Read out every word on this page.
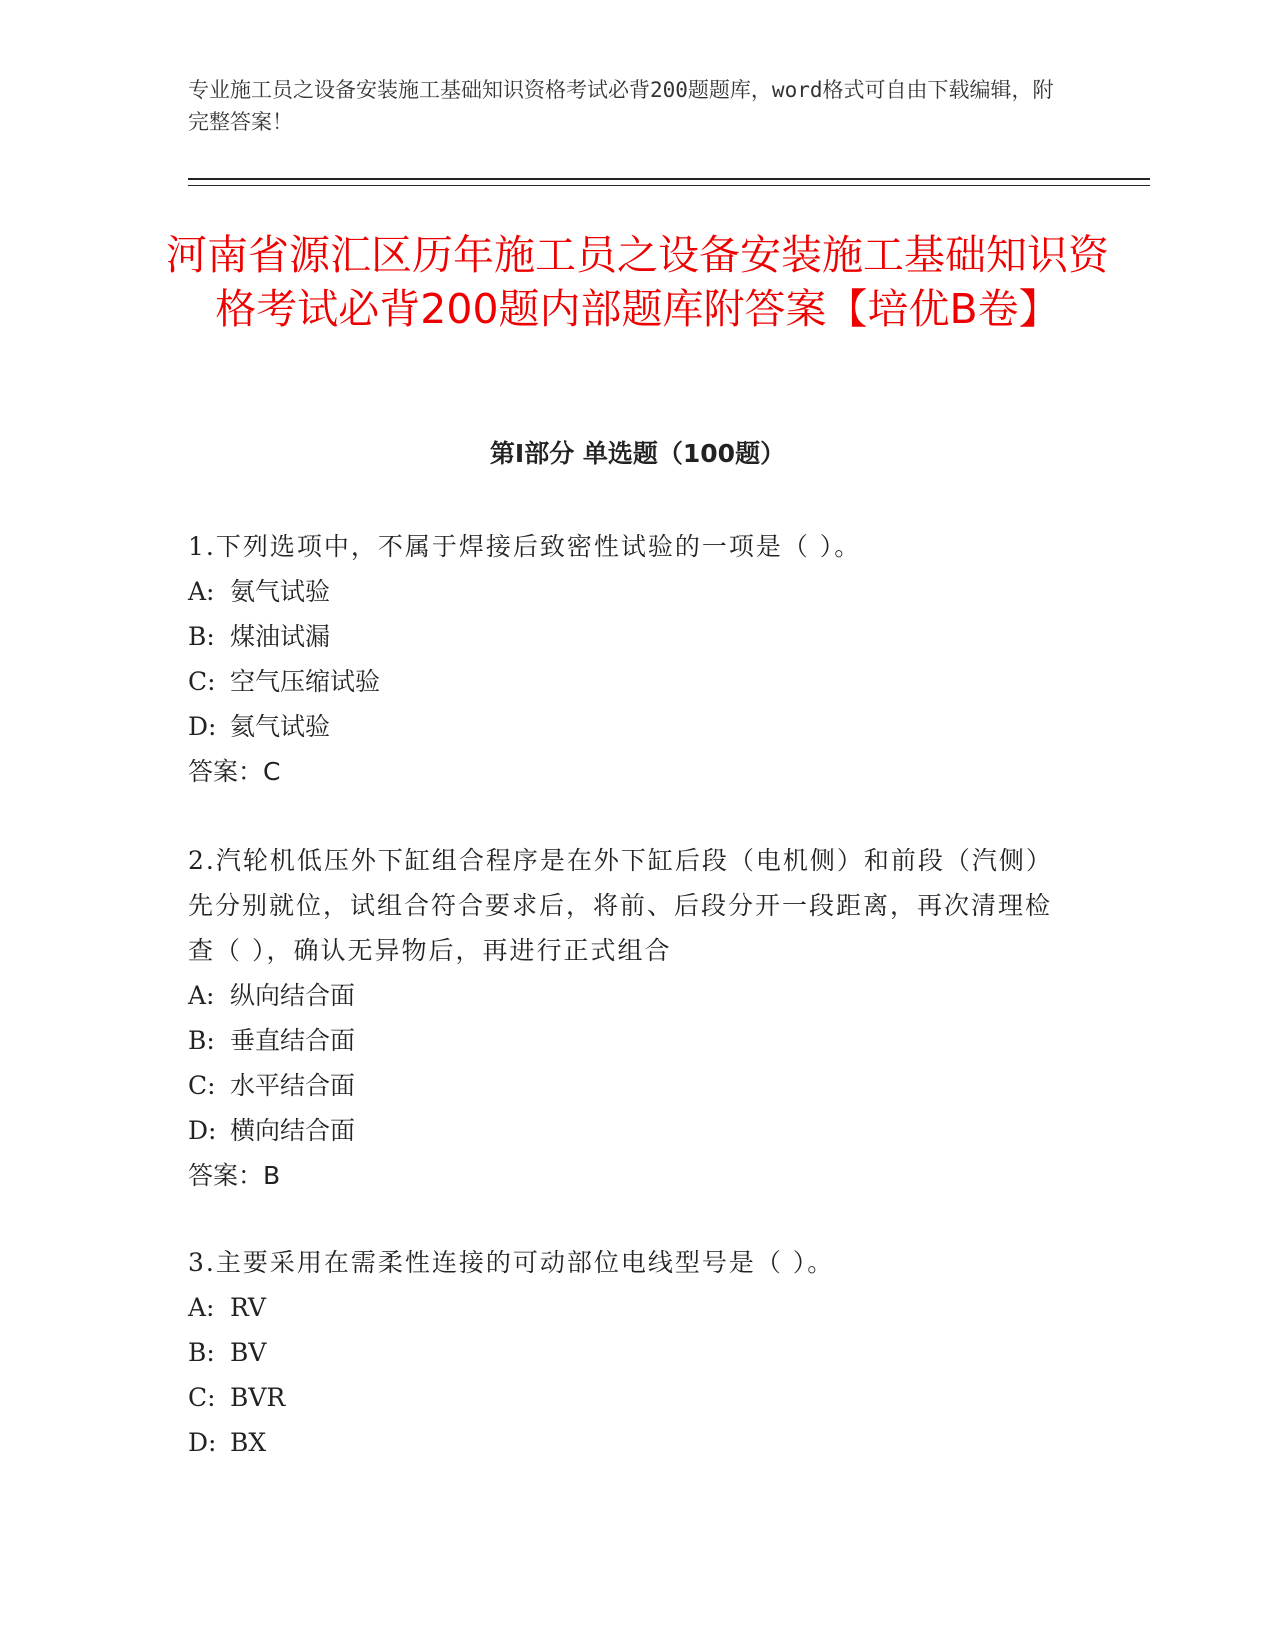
专业施工员之设备安装施工基础知识资格考试必背200题题库，word格式可自由下载编辑，附完整答案！
河南省源汇区历年施工员之设备安装施工基础知识资格考试必背200题内部题库附答案【培优B卷】
第Ⅰ部分 单选题（100题）
1.下列选项中，不属于焊接后致密性试验的一项是（ ）。
A: 氨气试验
B: 煤油试漏
C: 空气压缩试验
D: 氦气试验
答案：C
2.汽轮机低压外下缸组合程序是在外下缸后段（电机侧）和前段（汽侧）先分别就位，试组合符合要求后，将前、后段分开一段距离，再次清理检查（ ），确认无异物后，再进行正式组合
A: 纵向结合面
B: 垂直结合面
C: 水平结合面
D: 横向结合面
答案：B
3.主要采用在需柔性连接的可动部位电线型号是（ ）。
A: RV
B: BV
C: BVR
D: BX
